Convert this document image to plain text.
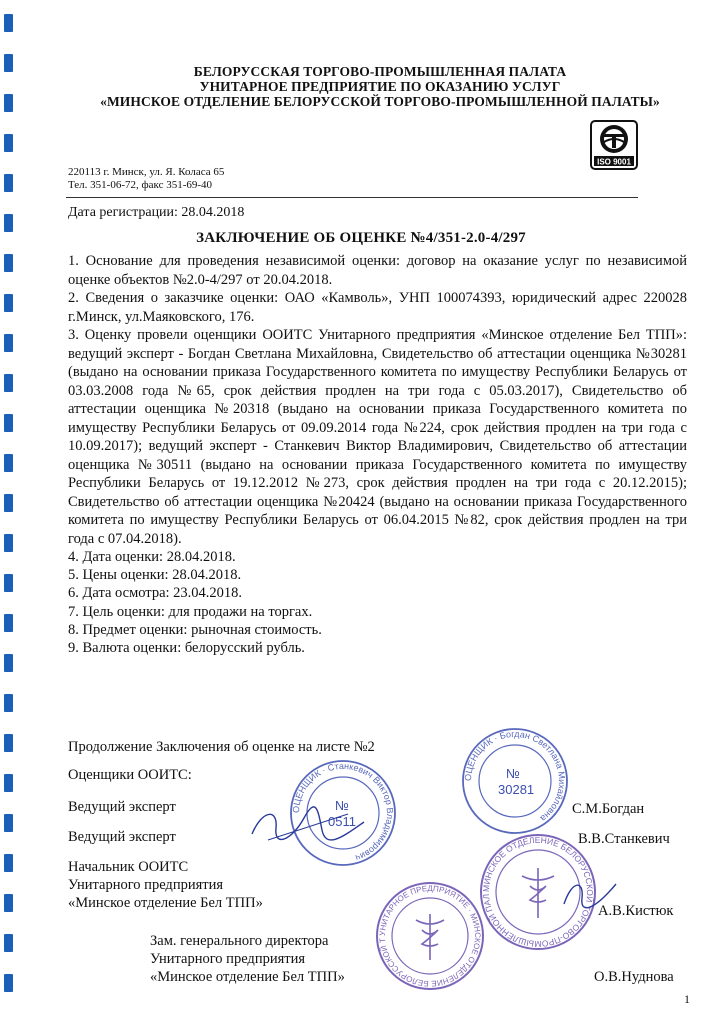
БЕЛОРУССКАЯ ТОРГОВО-ПРОМЫШЛЕННАЯ ПАЛАТА
УНИТАРНОЕ ПРЕДПРИЯТИЕ ПО ОКАЗАНИЮ УСЛУГ
«МИНСКОЕ ОТДЕЛЕНИЕ БЕЛОРУССКОЙ ТОРГОВО-ПРОМЫШЛЕННОЙ ПАЛАТЫ»
ISO 9001
220113 г. Минск, ул. Я. Коласа 65
Тел. 351-06-72, факс 351-69-40
Дата регистрации: 28.04.2018
ЗАКЛЮЧЕНИЕ ОБ ОЦЕНКЕ №4/351-2.0-4/297

1. Основание для проведения независимой оценки: договор на оказание услуг по независимой оценке объектов №2.0-4/297 от 20.04.2018.

2. Сведения о заказчике оценки: ОАО «Камволь», УНП 100074393, юридический адрес 220028 г.Минск, ул.Маяковского, 176.

3. Оценку провели оценщики ООИТС Унитарного предприятия «Минское отделение Бел ТПП»: ведущий эксперт - Богдан Светлана Михайловна, Свидетельство об аттестации оценщика №30281 (выдано на основании приказа Государственного комитета по имуществу Республики Беларусь от 03.03.2008 года №65, срок действия продлен на три года с 05.03.2017), Свидетельство об аттестации оценщика №20318 (выдано на основании приказа Государственного комитета по имуществу Республики Беларусь от 09.09.2014 года №224, срок действия продлен на три года с 10.09.2017); ведущий эксперт - Станкевич Виктор Владимирович, Свидетельство об аттестации оценщика №30511 (выдано на основании приказа Государственного комитета по имуществу Республики Беларусь от 19.12.2012 №273, срок действия продлен на три года с 20.12.2015); Свидетельство об аттестации оценщика №20424 (выдано на основании приказа Государственного комитета по имуществу Республики Беларусь от 06.04.2015 №82, срок действия продлен на три года с 07.04.2018).

4. Дата оценки: 28.04.2018.

5. Цены оценки: 28.04.2018.

6. Дата осмотра: 23.04.2018.

7. Цель оценки: для продажи на торгах.

8. Предмет оценки: рыночная стоимость.

9. Валюта оценки: белорусский рубль.

Продолжение Заключения об оценке на листе №2
Оценщики ООИТС:
Ведущий эксперт	С.М.Богдан
Ведущий эксперт	В.В.Станкевич
Начальник ООИТС
Унитарного предприятия
«Минское отделение Бел ТПП»	А.В.Кистюк
Зам. генерального директора
Унитарного предприятия
«Минское отделение Бел ТПП»	О.В.Нуднова
ОЦЕНЩИК · Богдан Светлана Михайловна
№
30281
ОЦЕНЩИК · Станкевич Виктор Владимирович
№
0511
УНИТАРНОЕ ПРЕДПРИЯТИЕ · МИНСКОЕ ОТДЕЛЕНИЕ БЕЛОРУССКОЙ Т
МИНСКОЕ ОТДЕЛЕНИЕ БЕЛОРУССКОЙ ТОРГОВО-ПРОМЫШЛЕННОЙ ПАЛ
1
